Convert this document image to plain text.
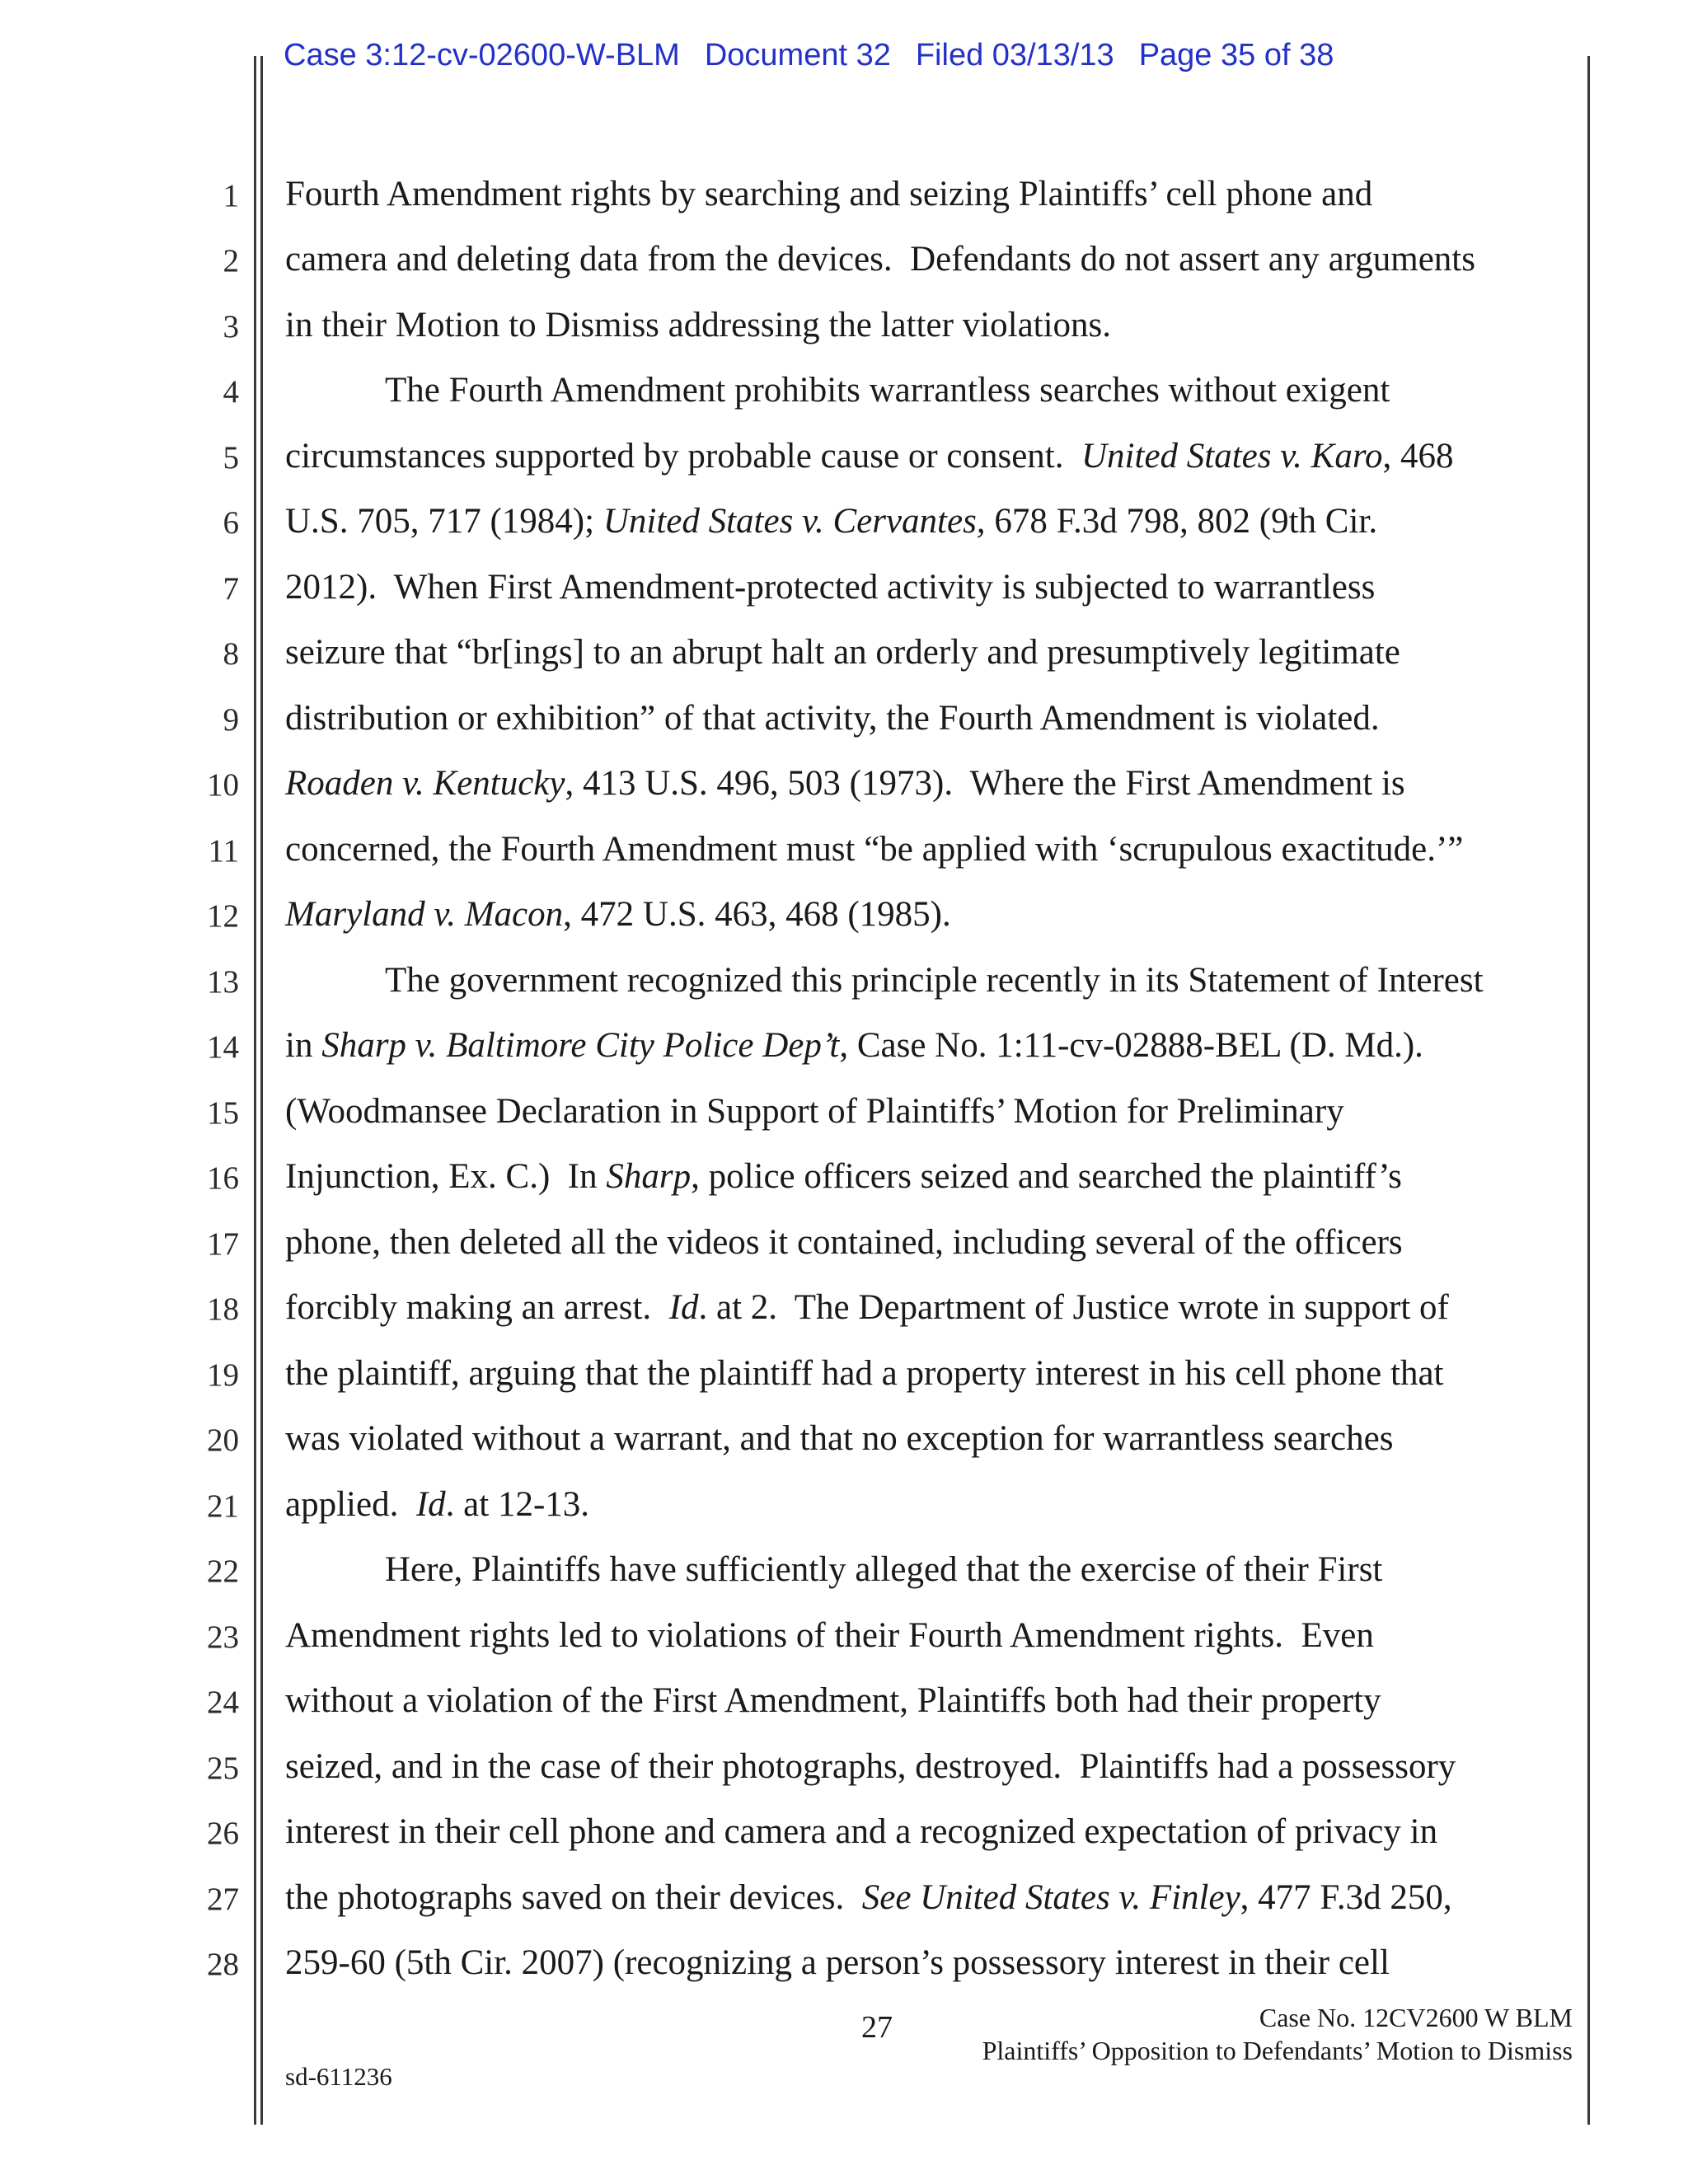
Case 3:12-cv-02600-W-BLM Document 32 Filed 03/13/13 Page 35 of 38
1
2
3
4
5
6
7
8
9
10
11
12
13
14
15
16
17
18
19
20
21
22
23
24
25
26
27
28
Fourth Amendment rights by searching and seizing Plaintiffs’ cell phone and
camera and deleting data from the devices.  Defendants do not assert any arguments
in their Motion to Dismiss addressing the latter violations.
The Fourth Amendment prohibits warrantless searches without exigent
circumstances supported by probable cause or consent.  United States v. Karo, 468
U.S. 705, 717 (1984); United States v. Cervantes, 678 F.3d 798, 802 (9th Cir.
2012).  When First Amendment-protected activity is subjected to warrantless
seizure that “br[ings] to an abrupt halt an orderly and presumptively legitimate
distribution or exhibition” of that activity, the Fourth Amendment is violated.
Roaden v. Kentucky, 413 U.S. 496, 503 (1973).  Where the First Amendment is
concerned, the Fourth Amendment must “be applied with ‘scrupulous exactitude.’”
Maryland v. Macon, 472 U.S. 463, 468 (1985).
The government recognized this principle recently in its Statement of Interest
in Sharp v. Baltimore City Police Dep’t, Case No. 1:11-cv-02888-BEL (D. Md.).
(Woodmansee Declaration in Support of Plaintiffs’ Motion for Preliminary
Injunction, Ex. C.)  In Sharp, police officers seized and searched the plaintiff’s
phone, then deleted all the videos it contained, including several of the officers
forcibly making an arrest.  Id. at 2.  The Department of Justice wrote in support of
the plaintiff, arguing that the plaintiff had a property interest in his cell phone that
was violated without a warrant, and that no exception for warrantless searches
applied.  Id. at 12-13.
Here, Plaintiffs have sufficiently alleged that the exercise of their First
Amendment rights led to violations of their Fourth Amendment rights.  Even
without a violation of the First Amendment, Plaintiffs both had their property
seized, and in the case of their photographs, destroyed.  Plaintiffs had a possessory
interest in their cell phone and camera and a recognized expectation of privacy in
the photographs saved on their devices.  See United States v. Finley, 477 F.3d 250,
259-60 (5th Cir. 2007) (recognizing a person’s possessory interest in their cell
27	Case No. 12CV2600 W BLM
Plaintiffs’ Opposition to Defendants’ Motion to Dismiss
sd-611236
